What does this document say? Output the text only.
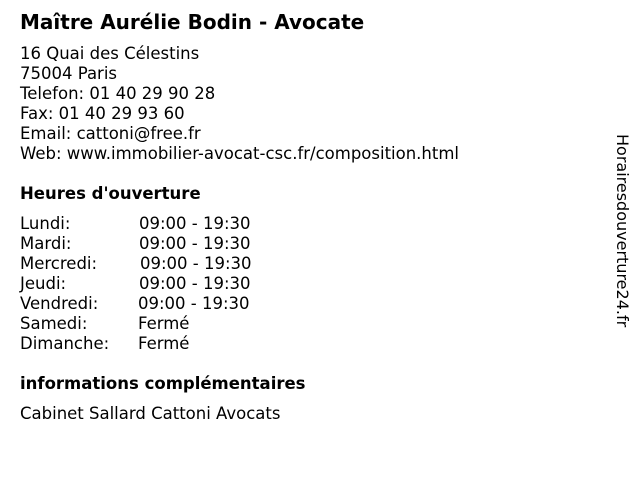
Maître Aurélie Bodin - Avocate
16 Quai des Célestins
75004 Paris
Telefon: 01 40 29 90 28
Fax: 01 40 29 93 60
Email: cattoni@free.fr
Web: www.immobilier-avocat-csc.fr/composition.html
Heures d'ouverture
Lundi:	09:00 - 19:30
Mardi:	09:00 - 19:30
Mercredi:	09:00 - 19:30
Jeudi:	09:00 - 19:30
Vendredi: 09:00 - 19:30
Samedi:	Fermé
Dimanche: Fermé
informations complémentaires
Cabinet Sallard Cattoni Avocats
Horairesdouverture24.fr
